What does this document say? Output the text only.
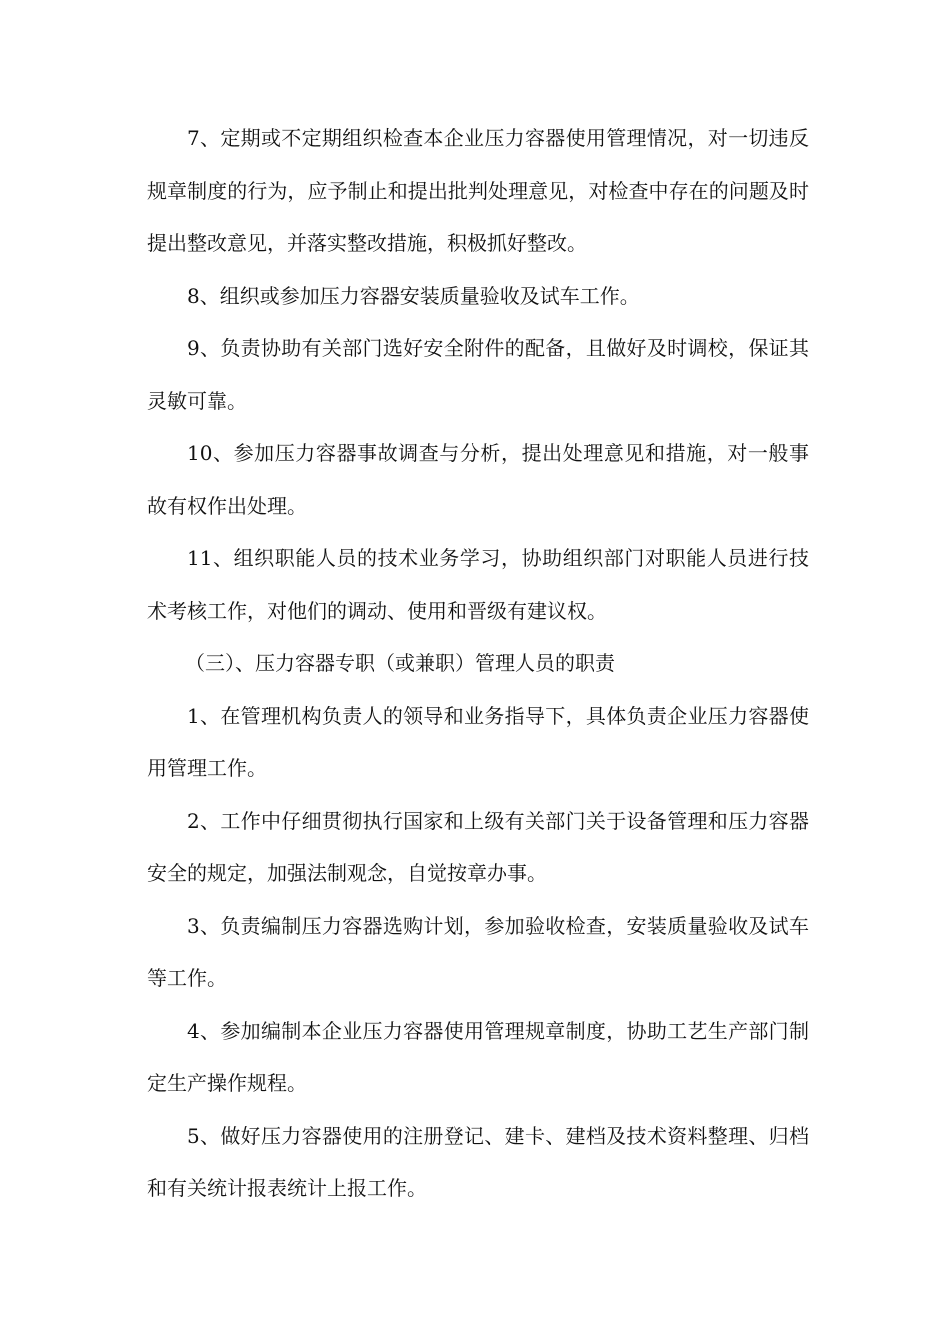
7、定期或不定期组织检查本企业压力容器使用管理情况，对一切违反规章制度的行为，应予制止和提出批判处理意见，对检查中存在的问题及时提出整改意见，并落实整改措施，积极抓好整改。

8、组织或参加压力容器安装质量验收及试车工作。

9、负责协助有关部门选好安全附件的配备，且做好及时调校，保证其灵敏可靠。

10、参加压力容器事故调查与分析，提出处理意见和措施，对一般事故有权作出处理。

11、组织职能人员的技术业务学习，协助组织部门对职能人员进行技术考核工作，对他们的调动、使用和晋级有建议权。

（三）、压力容器专职（或兼职）管理人员的职责

1、在管理机构负责人的领导和业务指导下，具体负责企业压力容器使用管理工作。

2、工作中仔细贯彻执行国家和上级有关部门关于设备管理和压力容器安全的规定，加强法制观念，自觉按章办事。

3、负责编制压力容器选购计划，参加验收检查，安装质量验收及试车等工作。

4、参加编制本企业压力容器使用管理规章制度，协助工艺生产部门制定生产操作规程。

5、做好压力容器使用的注册登记、建卡、建档及技术资料整理、归档和有关统计报表统计上报工作。
